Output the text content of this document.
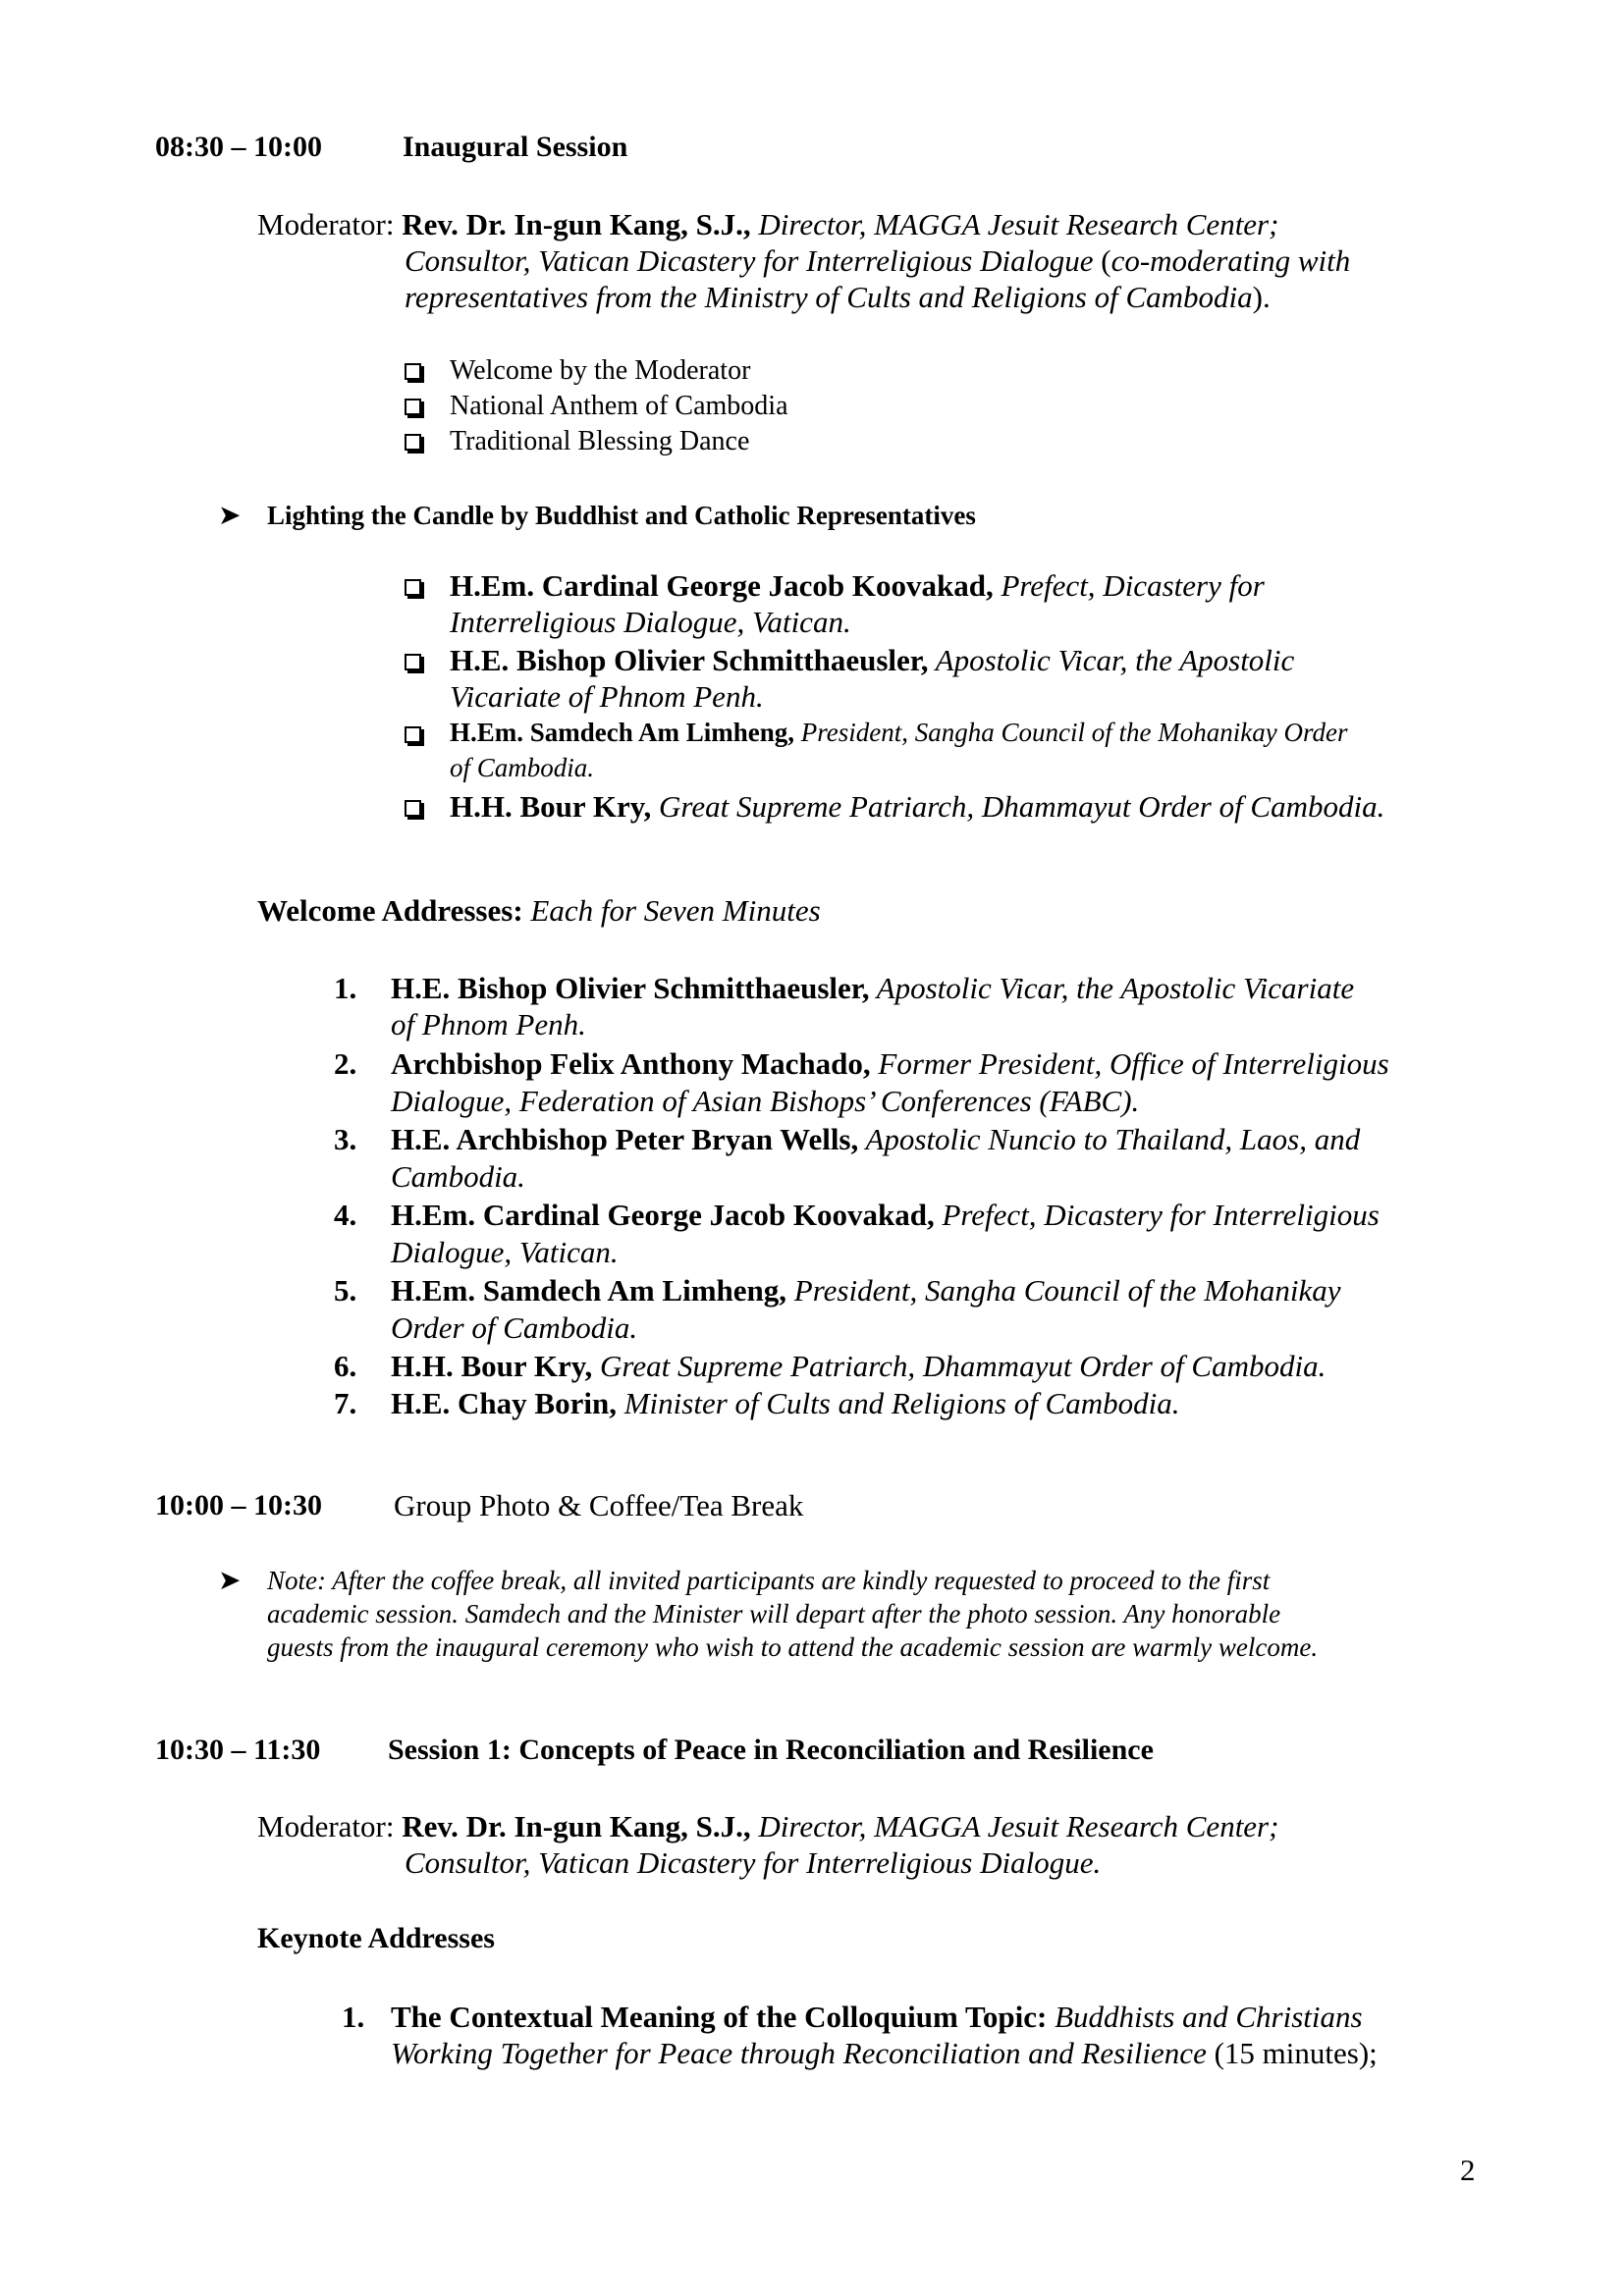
08:30 – 10:00	Inaugural Session
Moderator: Rev. Dr. In-gun Kang, S.J., Director, MAGGA Jesuit Research Center;
Consultor, Vatican Dicastery for Interreligious Dialogue (co-moderating with
representatives from the Ministry of Cults and Religions of Cambodia).
Welcome by the Moderator
National Anthem of Cambodia
Traditional Blessing Dance
➤ Lighting the Candle by Buddhist and Catholic Representatives
H.Em. Cardinal George Jacob Koovakad, Prefect, Dicastery for
Interreligious Dialogue, Vatican.
H.E. Bishop Olivier Schmitthaeusler, Apostolic Vicar, the Apostolic
Vicariate of Phnom Penh.
H.Em. Samdech Am Limheng, President, Sangha Council of the Mohanikay Order
of Cambodia.
H.H. Bour Kry, Great Supreme Patriarch, Dhammayut Order of Cambodia.
Welcome Addresses: Each for Seven Minutes
1. H.E. Bishop Olivier Schmitthaeusler, Apostolic Vicar, the Apostolic Vicariate
of Phnom Penh.
2. Archbishop Felix Anthony Machado, Former President, Office of Interreligious
Dialogue, Federation of Asian Bishops’ Conferences (FABC).
3. H.E. Archbishop Peter Bryan Wells, Apostolic Nuncio to Thailand, Laos, and
Cambodia.
4. H.Em. Cardinal George Jacob Koovakad, Prefect, Dicastery for Interreligious
Dialogue, Vatican.
5. H.Em. Samdech Am Limheng, President, Sangha Council of the Mohanikay
Order of Cambodia.
6. H.H. Bour Kry, Great Supreme Patriarch, Dhammayut Order of Cambodia.
7. H.E. Chay Borin, Minister of Cults and Religions of Cambodia.
10:00 – 10:30 Group Photo & Coffee/Tea Break
➤ Note: After the coffee break, all invited participants are kindly requested to proceed to the first
academic session. Samdech and the Minister will depart after the photo session. Any honorable
guests from the inaugural ceremony who wish to attend the academic session are warmly welcome.
10:30 – 11:30 Session 1: Concepts of Peace in Reconciliation and Resilience
Moderator: Rev. Dr. In-gun Kang, S.J., Director, MAGGA Jesuit Research Center;
Consultor, Vatican Dicastery for Interreligious Dialogue.
Keynote Addresses
1. The Contextual Meaning of the Colloquium Topic: Buddhists and Christians
Working Together for Peace through Reconciliation and Resilience (15 minutes);
2
